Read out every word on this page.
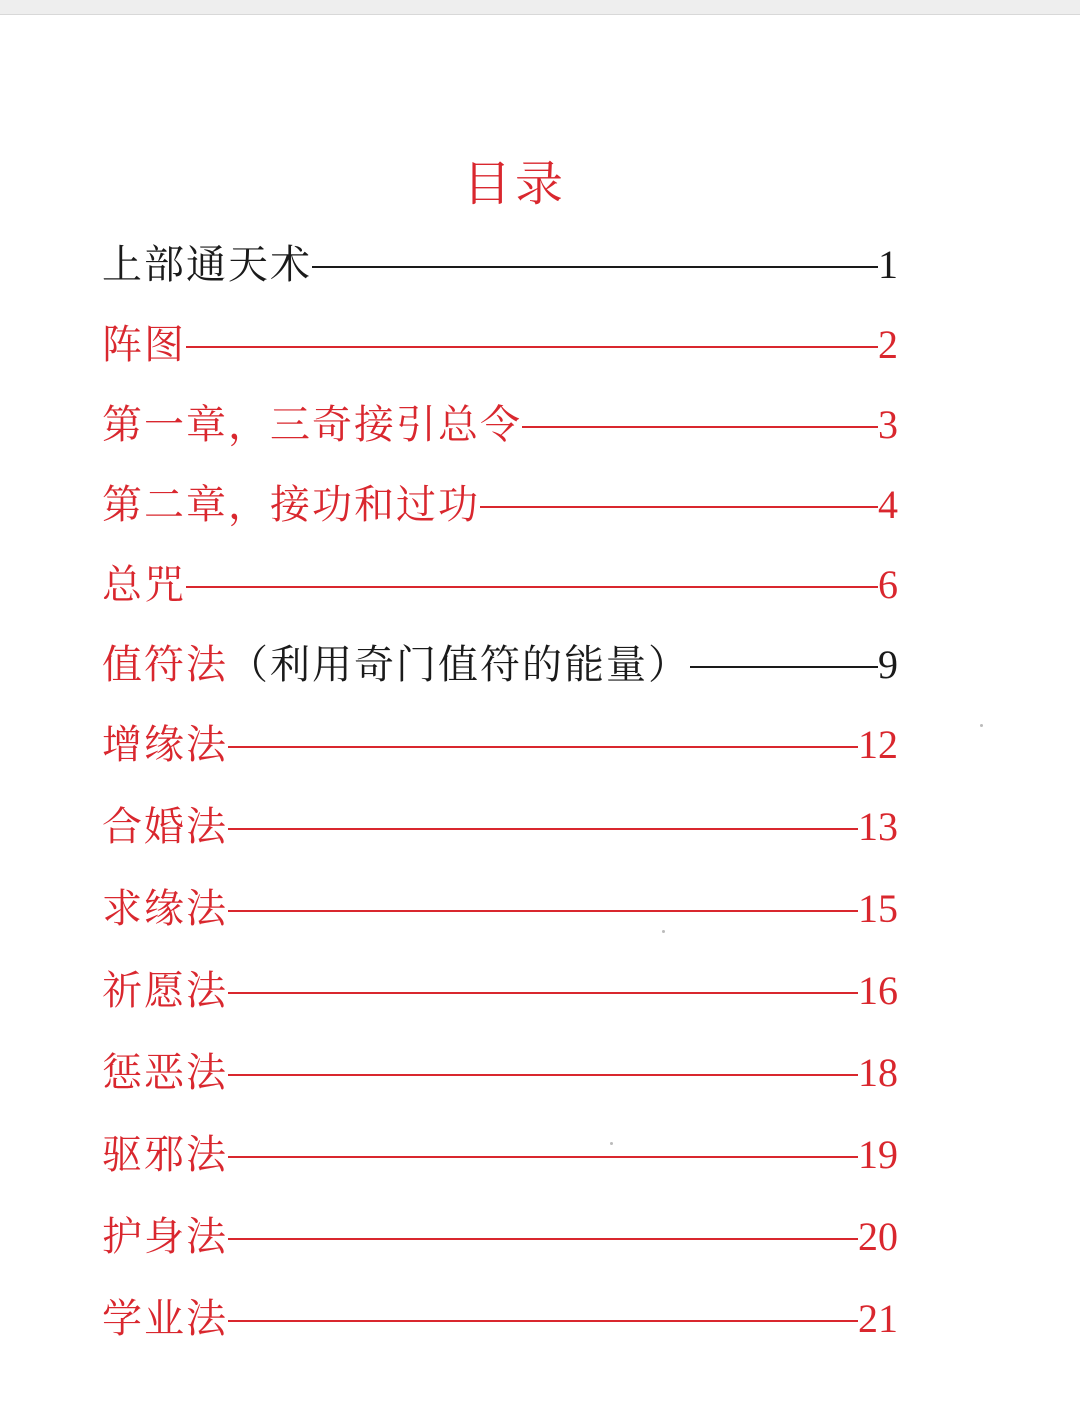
目录
上部通天术	1
阵图	2
第一章，三奇接引总令	3
第二章，接功和过功	4
总咒	6
值符法（利用奇门值符的能量）	9
增缘法	12
合婚法	13
求缘法	15
祈愿法	16
惩恶法	18
驱邪法	19
护身法	20
学业法	21
